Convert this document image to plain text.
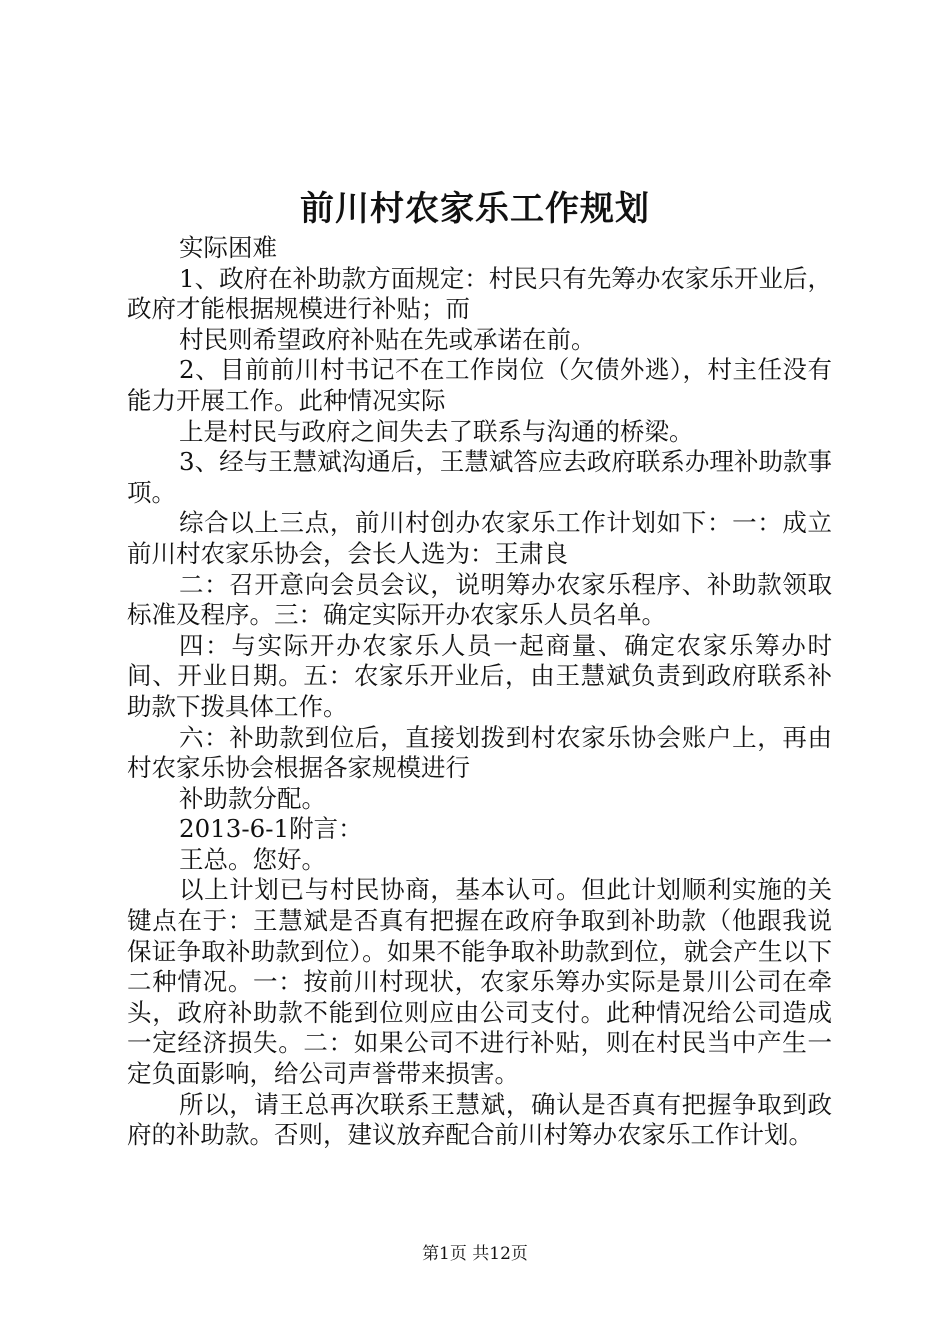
前川村农家乐工作规划

实际困难

1、政府在补助款方面规定：村民只有先筹办农家乐开业后，政府才能根据规模进行补贴；而

村民则希望政府补贴在先或承诺在前。

2、目前前川村书记不在工作岗位（欠债外逃），村主任没有能力开展工作。此种情况实际

上是村民与政府之间失去了联系与沟通的桥梁。

3、经与王慧斌沟通后，王慧斌答应去政府联系办理补助款事项。

综合以上三点，前川村创办农家乐工作计划如下：一：成立前川村农家乐协会，会长人选为：王肃良

二：召开意向会员会议，说明筹办农家乐程序、补助款领取标准及程序。三：确定实际开办农家乐人员名单。

四：与实际开办农家乐人员一起商量、确定农家乐筹办时间、开业日期。五：农家乐开业后，由王慧斌负责到政府联系补助款下拨具体工作。

六：补助款到位后，直接划拨到村农家乐协会账户上，再由村农家乐协会根据各家规模进行

补助款分配。

2013-6-1附言：

王总。您好。

以上计划已与村民协商，基本认可。但此计划顺利实施的关键点在于：王慧斌是否真有把握在政府争取到补助款（他跟我说保证争取补助款到位）。如果不能争取补助款到位，就会产生以下二种情况。一：按前川村现状，农家乐筹办实际是景川公司在牵头，政府补助款不能到位则应由公司支付。此种情况给公司造成一定经济损失。二：如果公司不进行补贴，则在村民当中产生一定负面影响，给公司声誉带来损害。

所以，请王总再次联系王慧斌，确认是否真有把握争取到政府的补助款。否则，建议放弃配合前川村筹办农家乐工作计划。

第1页 共12页
